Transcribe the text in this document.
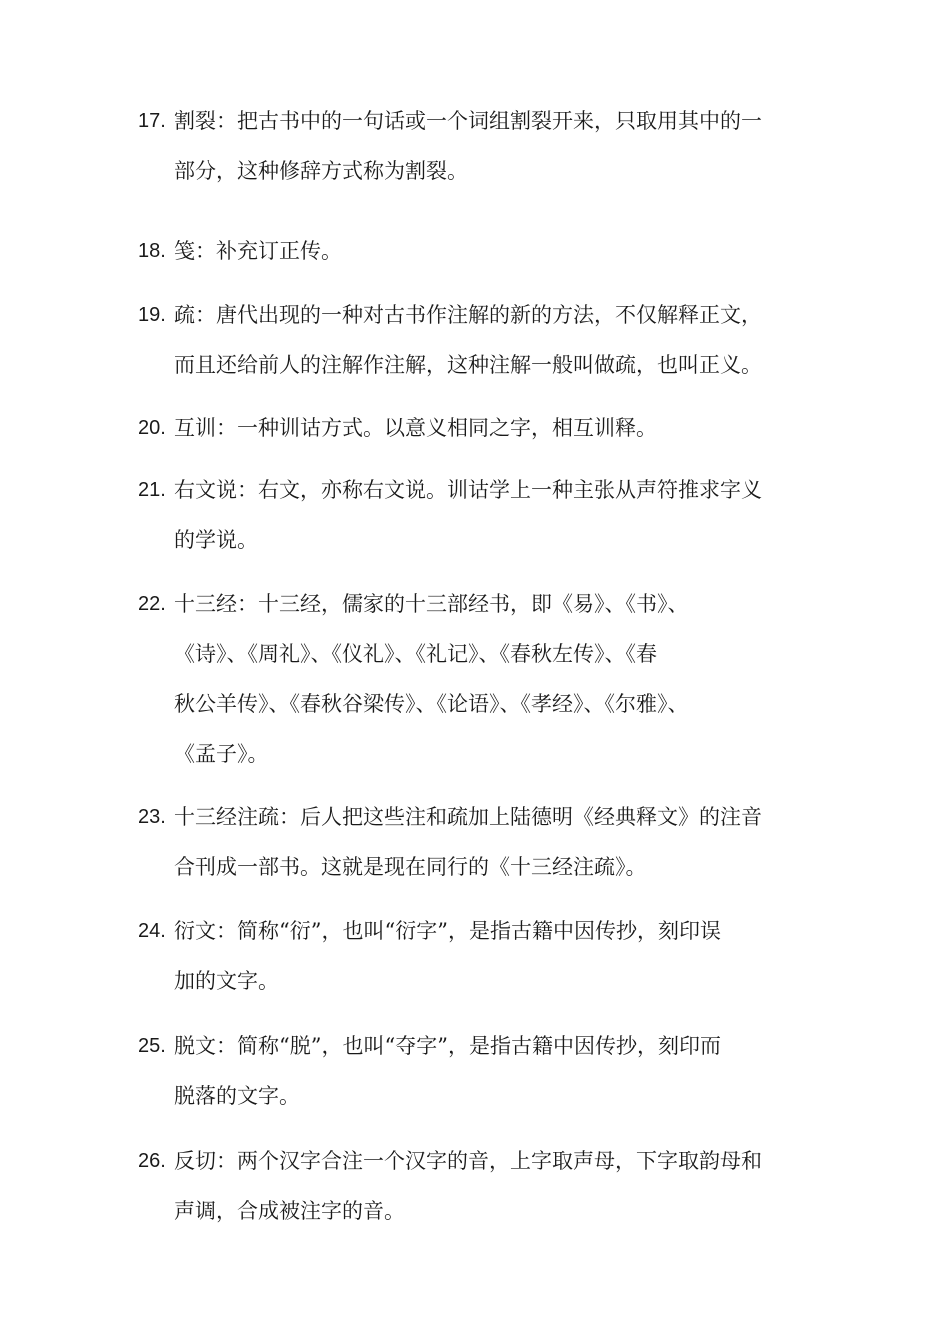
17. 割裂：把古书中的一句话或一个词组割裂开来，只取用其中的一
部分，这种修辞方式称为割裂。
18. 笺：补充订正传。
19. 疏：唐代出现的一种对古书作注解的新的方法，不仅解释正文，
而且还给前人的注解作注解，这种注解一般叫做疏，也叫正义。
20. 互训：一种训诂方式。以意义相同之字，相互训释。
21. 右文说：右文，亦称右文说。训诂学上一种主张从声符推求字义
的学说。
22. 十三经：十三经，儒家的十三部经书，即《易》、《书》、
《诗》、《周礼》、《仪礼》、《礼记》、《春秋左传》、《春
秋公羊传》、《春秋谷梁传》、《论语》、《孝经》、《尔雅》、
《孟子》。
23. 十三经注疏：后人把这些注和疏加上陆德明《经典释文》的注音
合刊成一部书。这就是现在同行的《十三经注疏》。
24. 衍文：简称“衍”，也叫“衍字”，是指古籍中因传抄，刻印误
加的文字。
25. 脱文：简称“脱”，也叫“夺字”，是指古籍中因传抄，刻印而
脱落的文字。
26. 反切：两个汉字合注一个汉字的音，上字取声母，下字取韵母和
声调，合成被注字的音。
